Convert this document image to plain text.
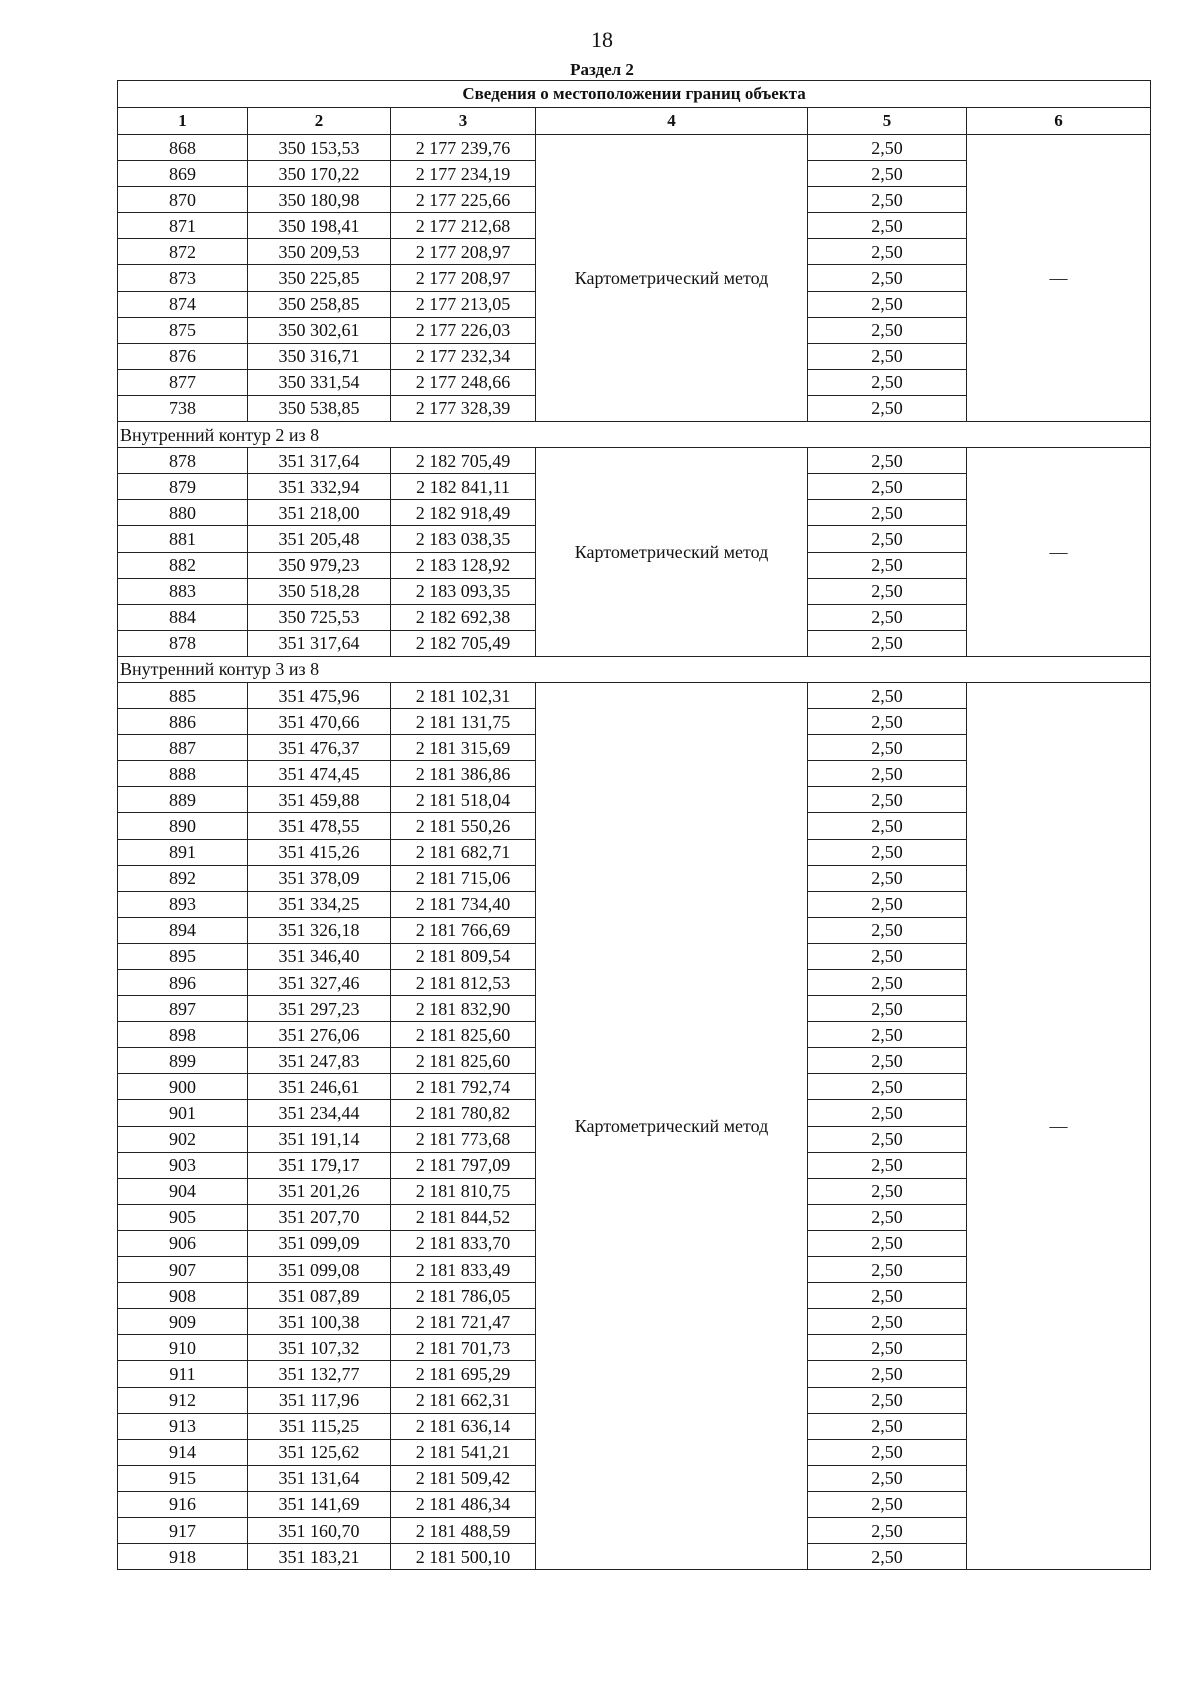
18
Раздел 2
Сведения о местоположении границ объекта					
1	2	3	4	5	6
868	350 153,53	2 177 239,76	Картометрический метод	2,50	—
869	350 170,22	2 177 234,19		2,50	
870	350 180,98	2 177 225,66		2,50	
871	350 198,41	2 177 212,68		2,50	
872	350 209,53	2 177 208,97		2,50	
873	350 225,85	2 177 208,97		2,50	
874	350 258,85	2 177 213,05		2,50	
875	350 302,61	2 177 226,03		2,50	
876	350 316,71	2 177 232,34		2,50	
877	350 331,54	2 177 248,66		2,50	
738	350 538,85	2 177 328,39		2,50	
Внутренний контур 2 из 8					
878	351 317,64	2 182 705,49	Картометрический метод	2,50	—
879	351 332,94	2 182 841,11		2,50	
880	351 218,00	2 182 918,49		2,50	
881	351 205,48	2 183 038,35		2,50	
882	350 979,23	2 183 128,92		2,50	
883	350 518,28	2 183 093,35		2,50	
884	350 725,53	2 182 692,38		2,50	
878	351 317,64	2 182 705,49		2,50	
Внутренний контур 3 из 8					
885	351 475,96	2 181 102,31	Картометрический метод	2,50	—
886	351 470,66	2 181 131,75		2,50	
887	351 476,37	2 181 315,69		2,50	
888	351 474,45	2 181 386,86		2,50	
889	351 459,88	2 181 518,04		2,50	
890	351 478,55	2 181 550,26		2,50	
891	351 415,26	2 181 682,71		2,50	
892	351 378,09	2 181 715,06		2,50	
893	351 334,25	2 181 734,40		2,50	
894	351 326,18	2 181 766,69		2,50	
895	351 346,40	2 181 809,54		2,50	
896	351 327,46	2 181 812,53		2,50	
897	351 297,23	2 181 832,90		2,50	
898	351 276,06	2 181 825,60		2,50	
899	351 247,83	2 181 825,60		2,50	
900	351 246,61	2 181 792,74		2,50	
901	351 234,44	2 181 780,82		2,50	
902	351 191,14	2 181 773,68		2,50	
903	351 179,17	2 181 797,09		2,50	
904	351 201,26	2 181 810,75		2,50	
905	351 207,70	2 181 844,52		2,50	
906	351 099,09	2 181 833,70		2,50	
907	351 099,08	2 181 833,49		2,50	
908	351 087,89	2 181 786,05		2,50	
909	351 100,38	2 181 721,47		2,50	
910	351 107,32	2 181 701,73		2,50	
911	351 132,77	2 181 695,29		2,50	
912	351 117,96	2 181 662,31		2,50	
913	351 115,25	2 181 636,14		2,50	
914	351 125,62	2 181 541,21		2,50	
915	351 131,64	2 181 509,42		2,50	
916	351 141,69	2 181 486,34		2,50	
917	351 160,70	2 181 488,59		2,50	
918	351 183,21	2 181 500,10		2,50	
